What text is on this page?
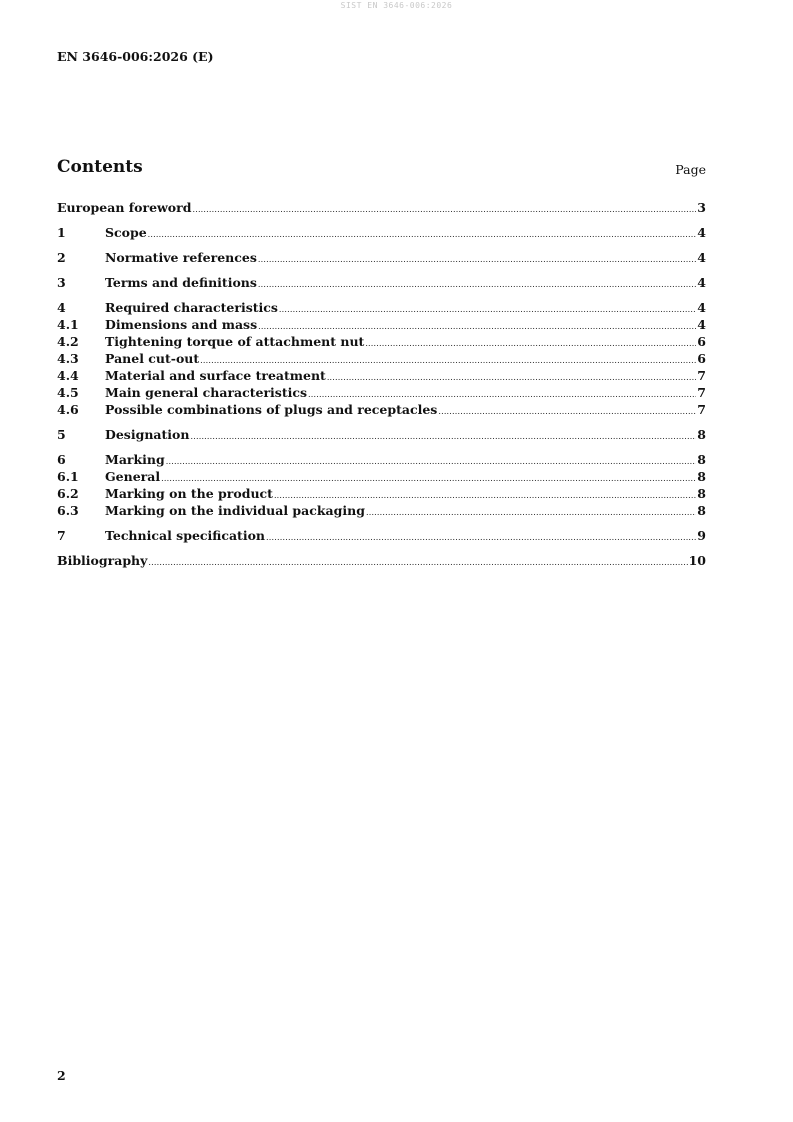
SIST EN 3646-006:2026
EN 3646-006:2026 (E)
Contents	Page
European foreword .....	3
1	Scope .....	4
2	Normative references .....	4
3	Terms and definitions .....	4
4	Required characteristics .....	4
4.1	Dimensions and mass .....	4
4.2	Tightening torque of attachment nut .....	6
4.3	Panel cut-out .....	6
4.4	Material and surface treatment .....	7
4.5	Main general characteristics .....	7
4.6	Possible combinations of plugs and receptacles .....	7
5	Designation .....	8
6	Marking .....	8
6.1	General .....	8
6.2	Marking on the product .....	8
6.3	Marking on the individual packaging .....	8
7	Technical specification .....	9
Bibliography .....	10
2
